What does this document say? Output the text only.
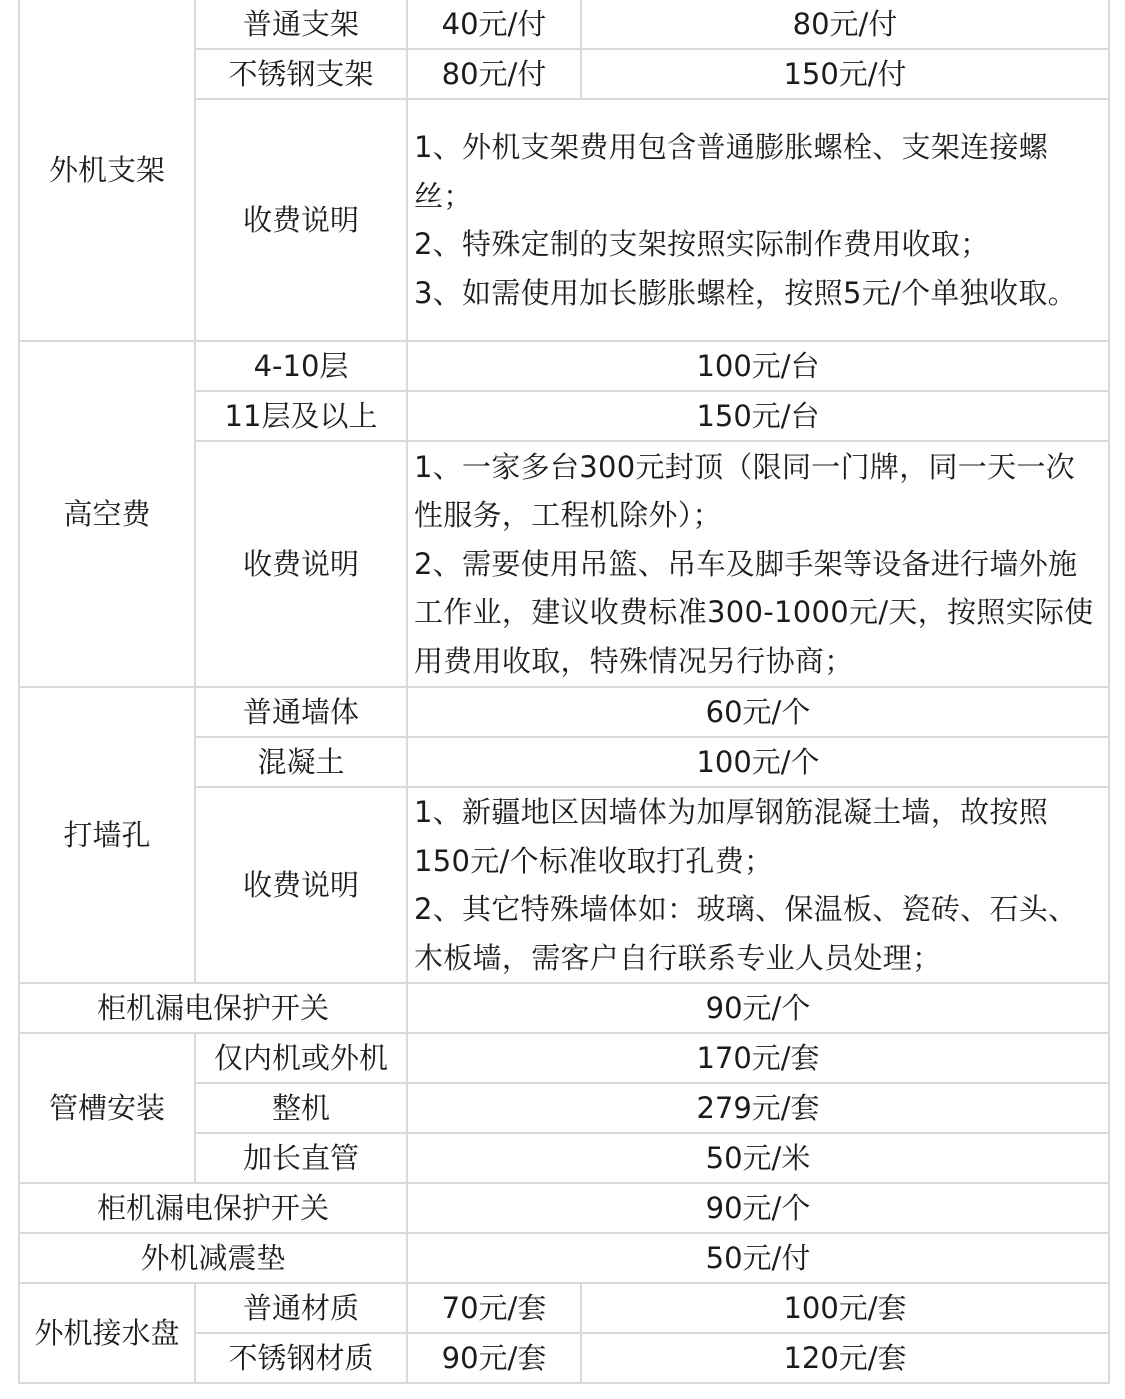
外机支架	普通支架	40元/付	80元/付
	不锈钢支架	80元/付	150元/付
	收费说明	1、外机支架费用包含普通膨胀螺栓、支架连接螺丝；

2、特殊定制的支架按照实际制作费用收取；

3、如需使用加长膨胀螺栓，按照5元/个单独收取。	

高空费	4-10层	100元/台	
	11层及以上	150元/台	
	收费说明	1、一家多台300元封顶（限同一门牌，同一天一次性服务，工程机除外）；

2、需要使用吊篮、吊车及脚手架等设备进行墙外施工作业，建议收费标准300-1000元/天，按照实际使用费用收取，特殊情况另行协商；	

打墙孔	普通墙体	60元/个	
	混凝土	100元/个	
	收费说明	1、新疆地区因墙体为加厚钢筋混凝土墙，故按照150元/个标准收取打孔费；

2、其它特殊墙体如：玻璃、保温板、瓷砖、石头、木板墙，需客户自行联系专业人员处理；	

柜机漏电保护开关		90元/个	
管槽安装	仅内机或外机	170元/套	
	整机	279元/套	
	加长直管	50元/米	
柜机漏电保护开关		90元/个	
外机减震垫		50元/付	
外机接水盘	普通材质	70元/套	100元/套
	不锈钢材质	90元/套	120元/套
